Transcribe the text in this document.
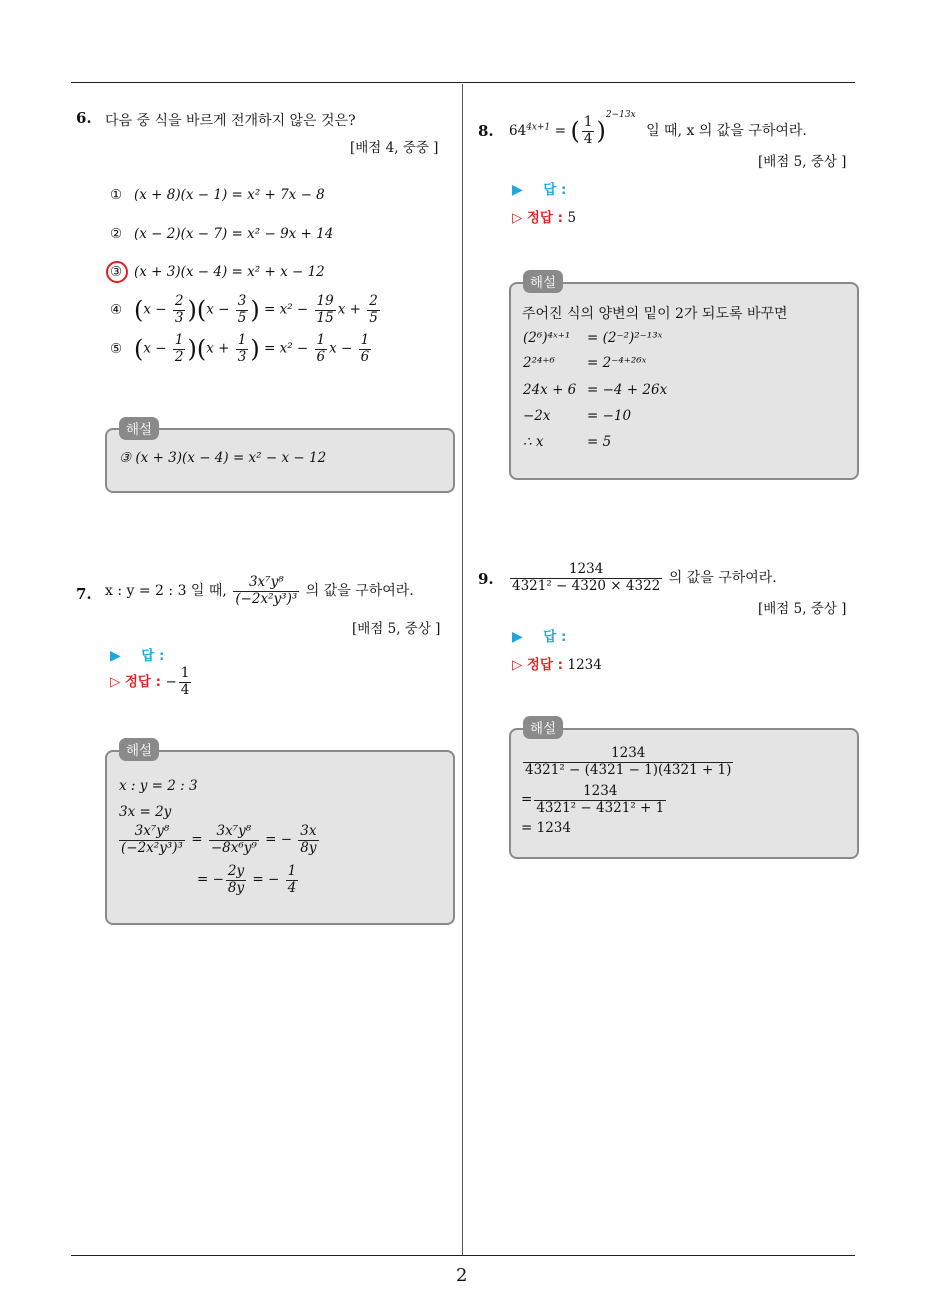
2
6. 다음 중 식을 바르게 전개하지 않은 것은?
[배점 4, 중중 ]
① (x + 8)(x − 1) = x² + 7x − 8
② (x − 2)(x − 7) = x² − 9x + 14
③ (x + 3)(x − 4) = x² + x − 12
④ $(x - \frac{2}{3} )(x - \frac{3}{5}$ ) = $x^2 - \frac{19}{15}$ $x + \frac{2}{5}$
⑤ $(x - \frac{1}{2} )(x + \frac{1}{3}$ ) = $x^2 - \frac{1}{6}$ $x - \frac{1}{6}$
해설
③ (x + 3)(x − 4) = x² − x − 12
7. x : y = 2 : 3 일 때, $\frac{\text{3x⁷y⁸}}{\text{(−2x²y³)³}}$ 의 값을 구하여라.
[배점 5, 중상 ]
▶ 답 :
▷ 정답 : − $\frac{1}{4}$
해설
x : y = 2 : 3
3x = 2y
$\frac{\text{3x⁷y⁸}}{\text{(−2x²y³)³}} = \frac{\text{3x⁷y⁸}}{\text{−8x⁶y⁹}}$ = − $\frac{3x}{8y}$
= − $\frac{2y}{8y}$ = − $\frac{1}{4}$
8. $64^{4x+1}$ = ( $\frac{1}{4} )^{2-13x}$ 일 때, x 의 값을 구하여라.
[배점 5, 중상 ]
▶ 답 :
▷ 정답 : 5
해설
주어진 식의 양변의 밑이 2가 되도록 바꾸면
(2⁶)⁴ˣ⁺¹ = (2⁻²)²⁻¹³ˣ
2²⁴⁺⁶ = 2⁻⁴⁺²⁶ˣ
24x + 6 = −4 + 26x
−2x	= −10
∴ x	= 5
9. $\frac{1234}{\text{4321² − 4320 × 4322}}$ 의 값을 구하여라.
[배점 5, 중상 ]
▶ 답 :
▷ 정답 : 1234
해설
$\frac{1234}{\text{4321² − (4321 − 1)(4321 + 1)}}$
= $\frac{1234}{\text{4321² − 4321² + 1}}$
= 1234
